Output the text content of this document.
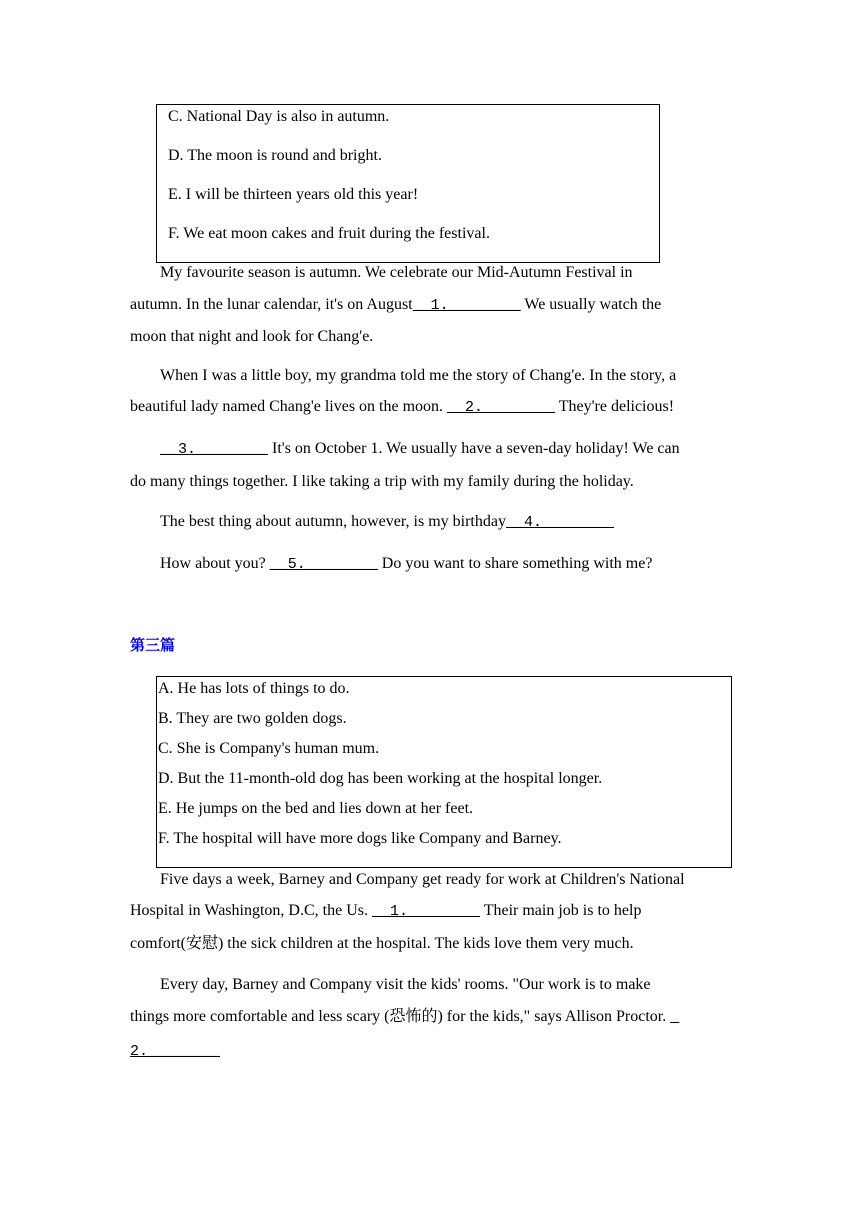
C. National Day is also in autumn.
D. The moon is round and bright.
E. I will be thirteen years old this year!
F. We eat moon cakes and fruit during the festival.
My favourite season is autumn. We celebrate our Mid-Autumn Festival in
autumn. In the lunar calendar, it's on August__1.________ We usually watch the
moon that night and look for Chang'e.
When I was a little boy, my grandma told me the story of Chang'e. In the story, a
beautiful lady named Chang'e lives on the moon. __2.________ They're delicious!
__3.________ It's on October 1. We usually have a seven-day holiday! We can
do many things together. I like taking a trip with my family during the holiday.
The best thing about autumn, however, is my birthday__4.________
How about you? __5.________ Do you want to share something with me?
第三篇
A. He has lots of things to do.
B. They are two golden dogs.
C. She is Company's human mum.
D. But the 11-month-old dog has been working at the hospital longer.
E. He jumps on the bed and lies down at her feet.
F. The hospital will have more dogs like Company and Barney.
Five days a week, Barney and Company get ready for work at Children's National
Hospital in Washington, D.C, the Us. __1.________ Their main job is to help
comfort(安慰) the sick children at the hospital. The kids love them very much.
Every day, Barney and Company visit the kids' rooms. "Our work is to make
things more comfortable and less scary (恐怖的) for the kids," says Allison Proctor. _
2.________
